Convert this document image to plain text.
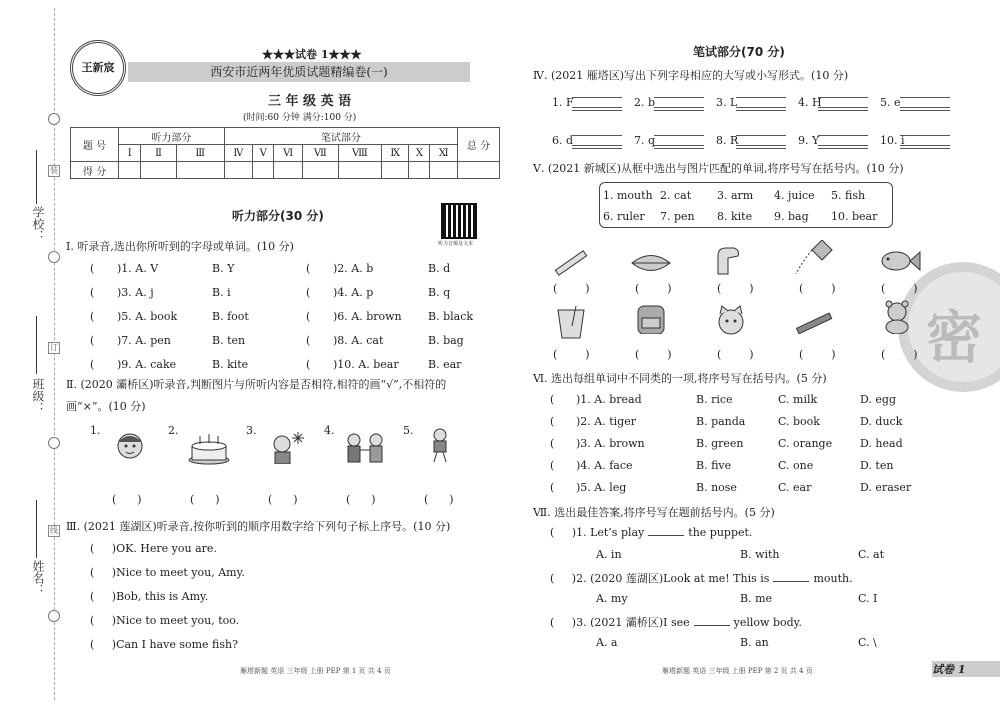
学校：
班级：
姓名：
装
订
线
王新宸
★★★试卷 1★★★
西安市近两年优质试题精编卷(一)
三 年 级 英 语
(时间:60 分钟 满分:100 分)
题 号	听力部分			笔试部分								总 分
	Ⅰ	Ⅱ	Ⅲ	Ⅳ	Ⅴ	Ⅵ	Ⅶ	Ⅷ	Ⅸ	Ⅹ	Ⅺ	
得 分												
听力部分(30 分)
听力音频及文本
Ⅰ. 听录音,选出你所听到的字母或单词。(10 分)
( )1. A. V	B. Y	( )2. A. b	B. d
( )3. A. j	B. i	( )4. A. p	B. q
( )5. A. book	B. foot	( )6. A. brown B. black
( )7. A. pen	B. ten	( )8. A. cat	B. bag
( )9. A. cake	B. kite	( )10. A. bear	B. ear
Ⅱ. (2020 灞桥区)听录音,判断图片与所听内容是否相符,相符的画“√”,不相符的
画“×”。(10 分)
1.	2.	3.	4.	5.
(      )	(      )	(      )	(      )	(      )
Ⅲ. (2021 莲湖区)听录音,按你听到的顺序用数字给下列句子标上序号。(10 分)
(     )OK. Here you are.
(     )Nice to meet you, Amy.
(     )Bob, this is Amy.
(     )Nice to meet you, too.
(     )Can I have some fish?
雁塔新题 英语 三年级 上册 PEP 第 1 页 共 4 页
密
笔试部分(70 分)
Ⅳ. (2021 雁塔区)写出下列字母相应的大写或小写形式。(10 分)
1. F	2. b	3. L	4. H	5. e
6. d	7. q	8. R	9. Y	10. i
Ⅴ. (2021 新城区)从框中选出与图片匹配的单词,将序号写在括号内。(10 分)
1. mouth 2. cat 3. arm 4. juice 5. fish
6. ruler 7. pen 8. kite 9. bag 10. bear
(        )	(        )	(        )	(        )	(        )
(        )	(        )	(        )	(        )	(        )
Ⅵ. 选出每组单词中不同类的一项,将序号写在括号内。(5 分)
( )1. A. bread	B. rice	C. milk	D. egg
( )2. A. tiger	B. panda	C. book	D. duck
( )3. A. brown	B. green	C. orange	D. head
( )4. A. face	B. five	C. one	D. ten
( )5. A. leg	B. nose	C. ear	D. eraser
Ⅶ. 选出最佳答案,将序号写在题前括号内。(5 分)
(     )1. Let’s play	the puppet.
A. in	B. with	C. at
(     )2. (2020 莲湖区)Look at me! This is	mouth.
A. my	B. me	C. I
(     )3. (2021 灞桥区)I see	yellow body.
A. a	B. an	C. \
雁塔新题 英语 三年级 上册 PEP 第 2 页 共 4 页	试卷 1
